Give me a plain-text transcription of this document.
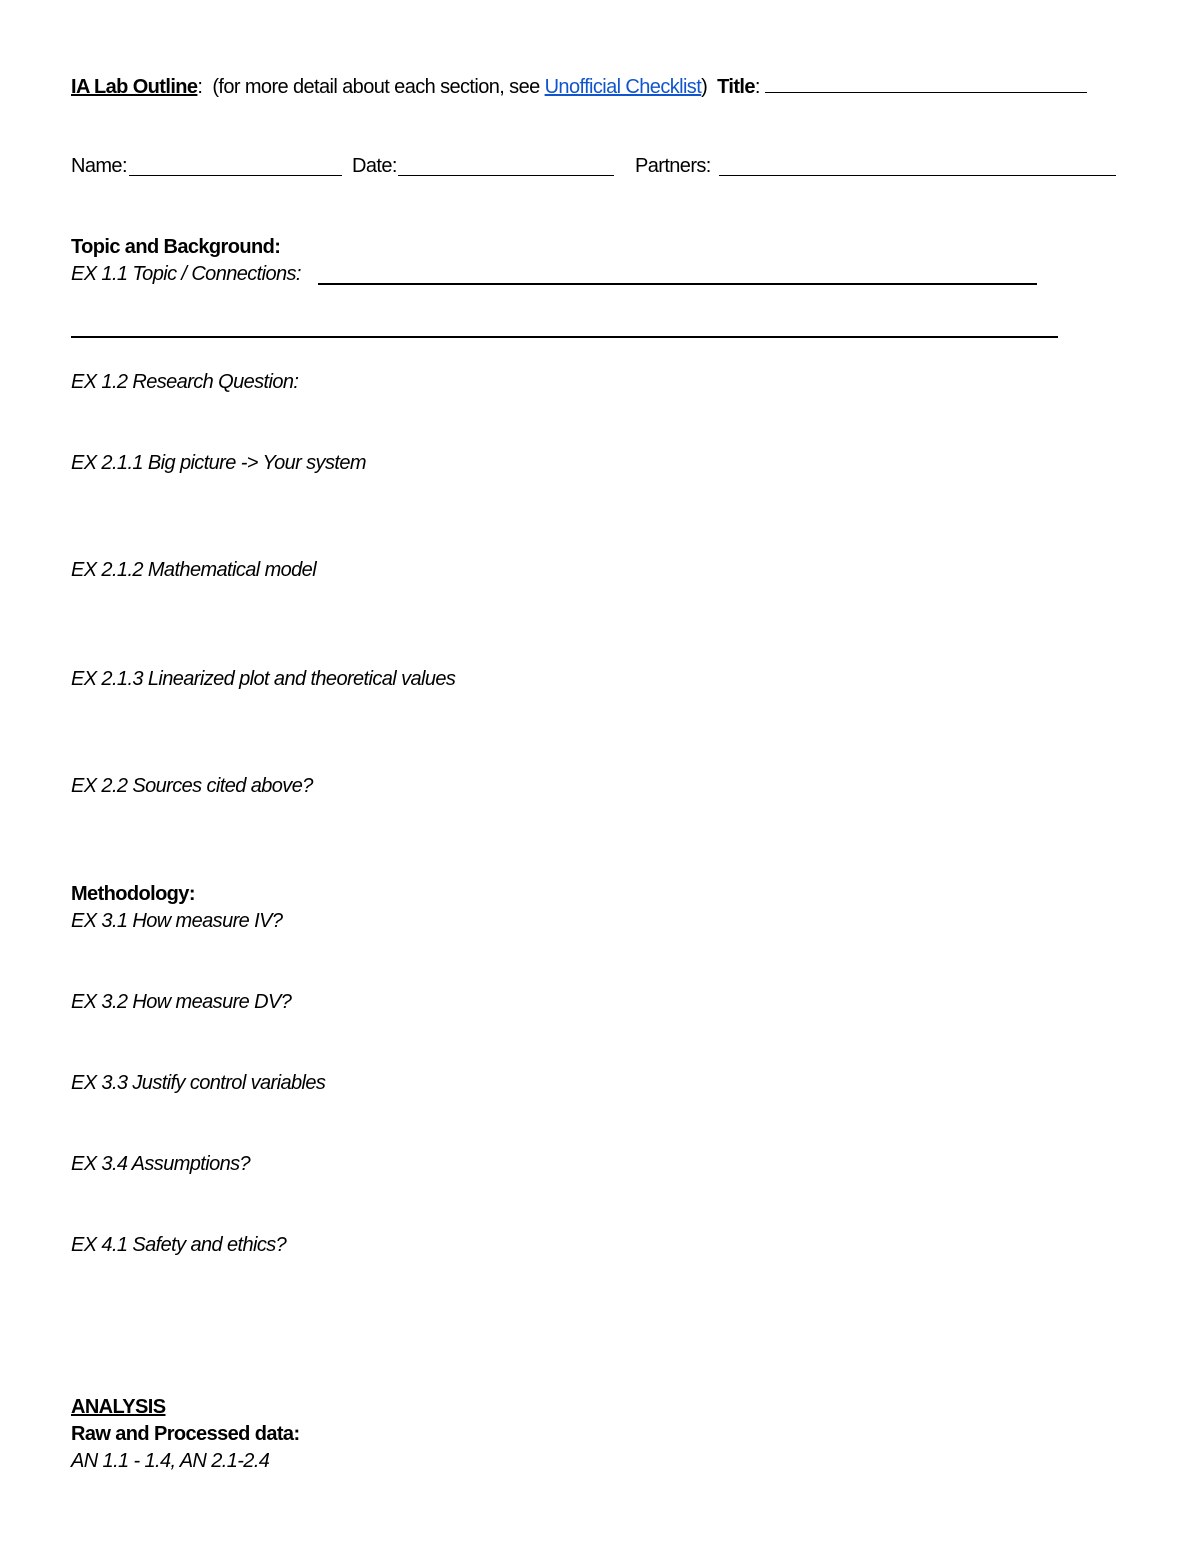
IA Lab Outline: (for more detail about each section, see Unofficial Checklist) Title:
Name:	Date:	Partners:
Topic and Background:
EX 1.1 Topic / Connections:
EX 1.2 Research Question:
EX 2.1.1 Big picture -> Your system
EX 2.1.2 Mathematical model
EX 2.1.3 Linearized plot and theoretical values
EX 2.2 Sources cited above?
Methodology:
EX 3.1 How measure IV?
EX 3.2 How measure DV?
EX 3.3 Justify control variables
EX 3.4 Assumptions?
EX 4.1 Safety and ethics?
ANALYSIS
Raw and Processed data:
AN 1.1 - 1.4, AN 2.1-2.4
